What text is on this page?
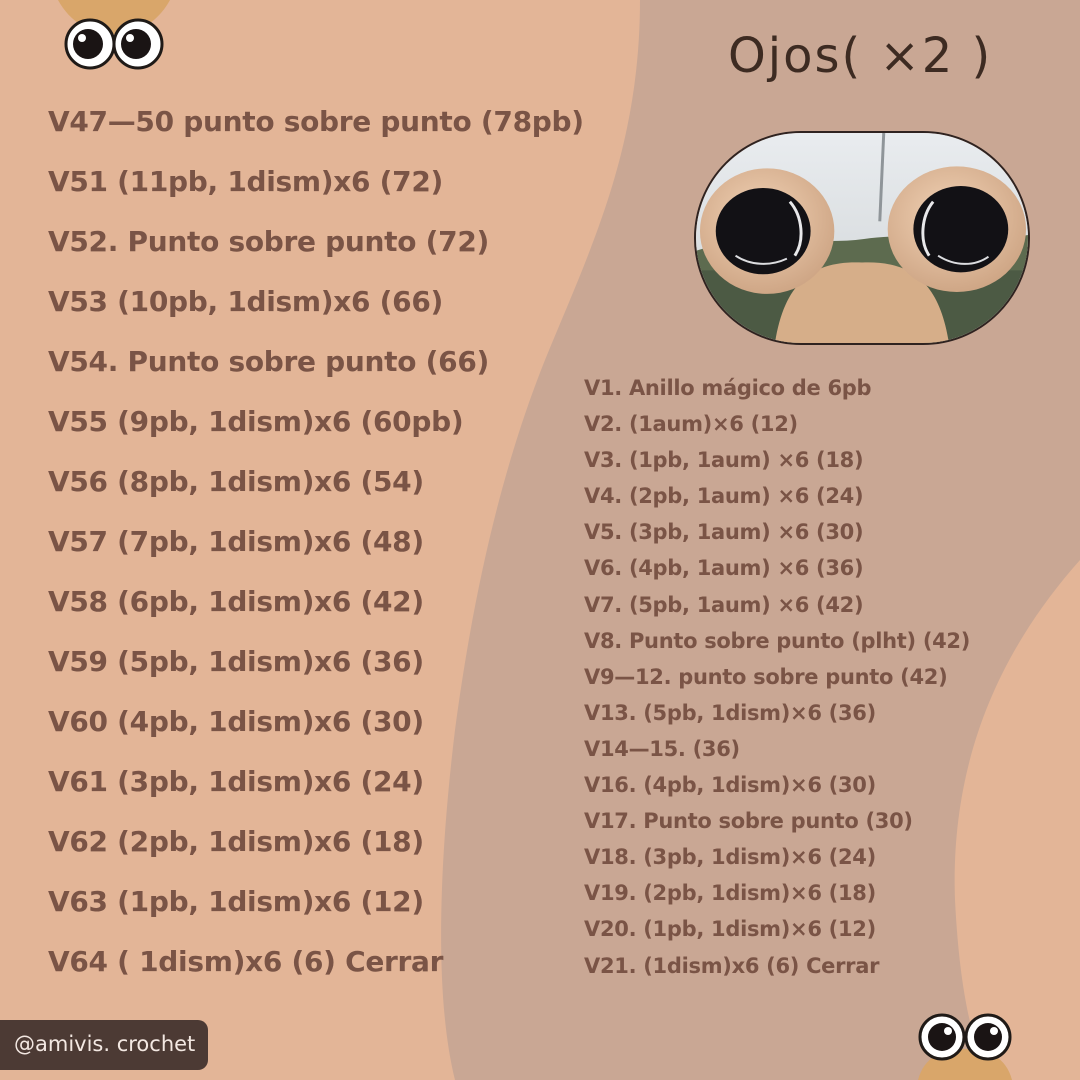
V47—50 punto sobre punto (78pb)
V51 (11pb, 1dism)x6 (72)
V52. Punto sobre punto (72)
V53 (10pb, 1dism)x6 (66)
V54. Punto sobre punto (66)
V55 (9pb, 1dism)x6 (60pb)
V56 (8pb, 1dism)x6 (54)
V57 (7pb, 1dism)x6 (48)
V58 (6pb, 1dism)x6 (42)
V59 (5pb, 1dism)x6 (36)
V60 (4pb, 1dism)x6 (30)
V61 (3pb, 1dism)x6 (24)
V62 (2pb, 1dism)x6 (18)
V63 (1pb, 1dism)x6 (12)
V64 ( 1dism)x6 (6) Cerrar
Ojos( ×2 )
V1. Anillo mágico de 6pb
V2. (1aum)×6 (12)
V3. (1pb, 1aum) ×6 (18)
V4. (2pb, 1aum) ×6 (24)
V5. (3pb, 1aum) ×6 (30)
V6. (4pb, 1aum) ×6 (36)
V7. (5pb, 1aum) ×6 (42)
V8. Punto sobre punto (plht) (42)
V9—12. punto sobre punto (42)
V13. (5pb, 1dism)×6 (36)
V14—15. (36)
V16. (4pb, 1dism)×6 (30)
V17. Punto sobre punto (30)
V18. (3pb, 1dism)×6 (24)
V19. (2pb, 1dism)×6 (18)
V20. (1pb, 1dism)×6 (12)
V21. (1dism)x6 (6) Cerrar
@amivis. crochet
